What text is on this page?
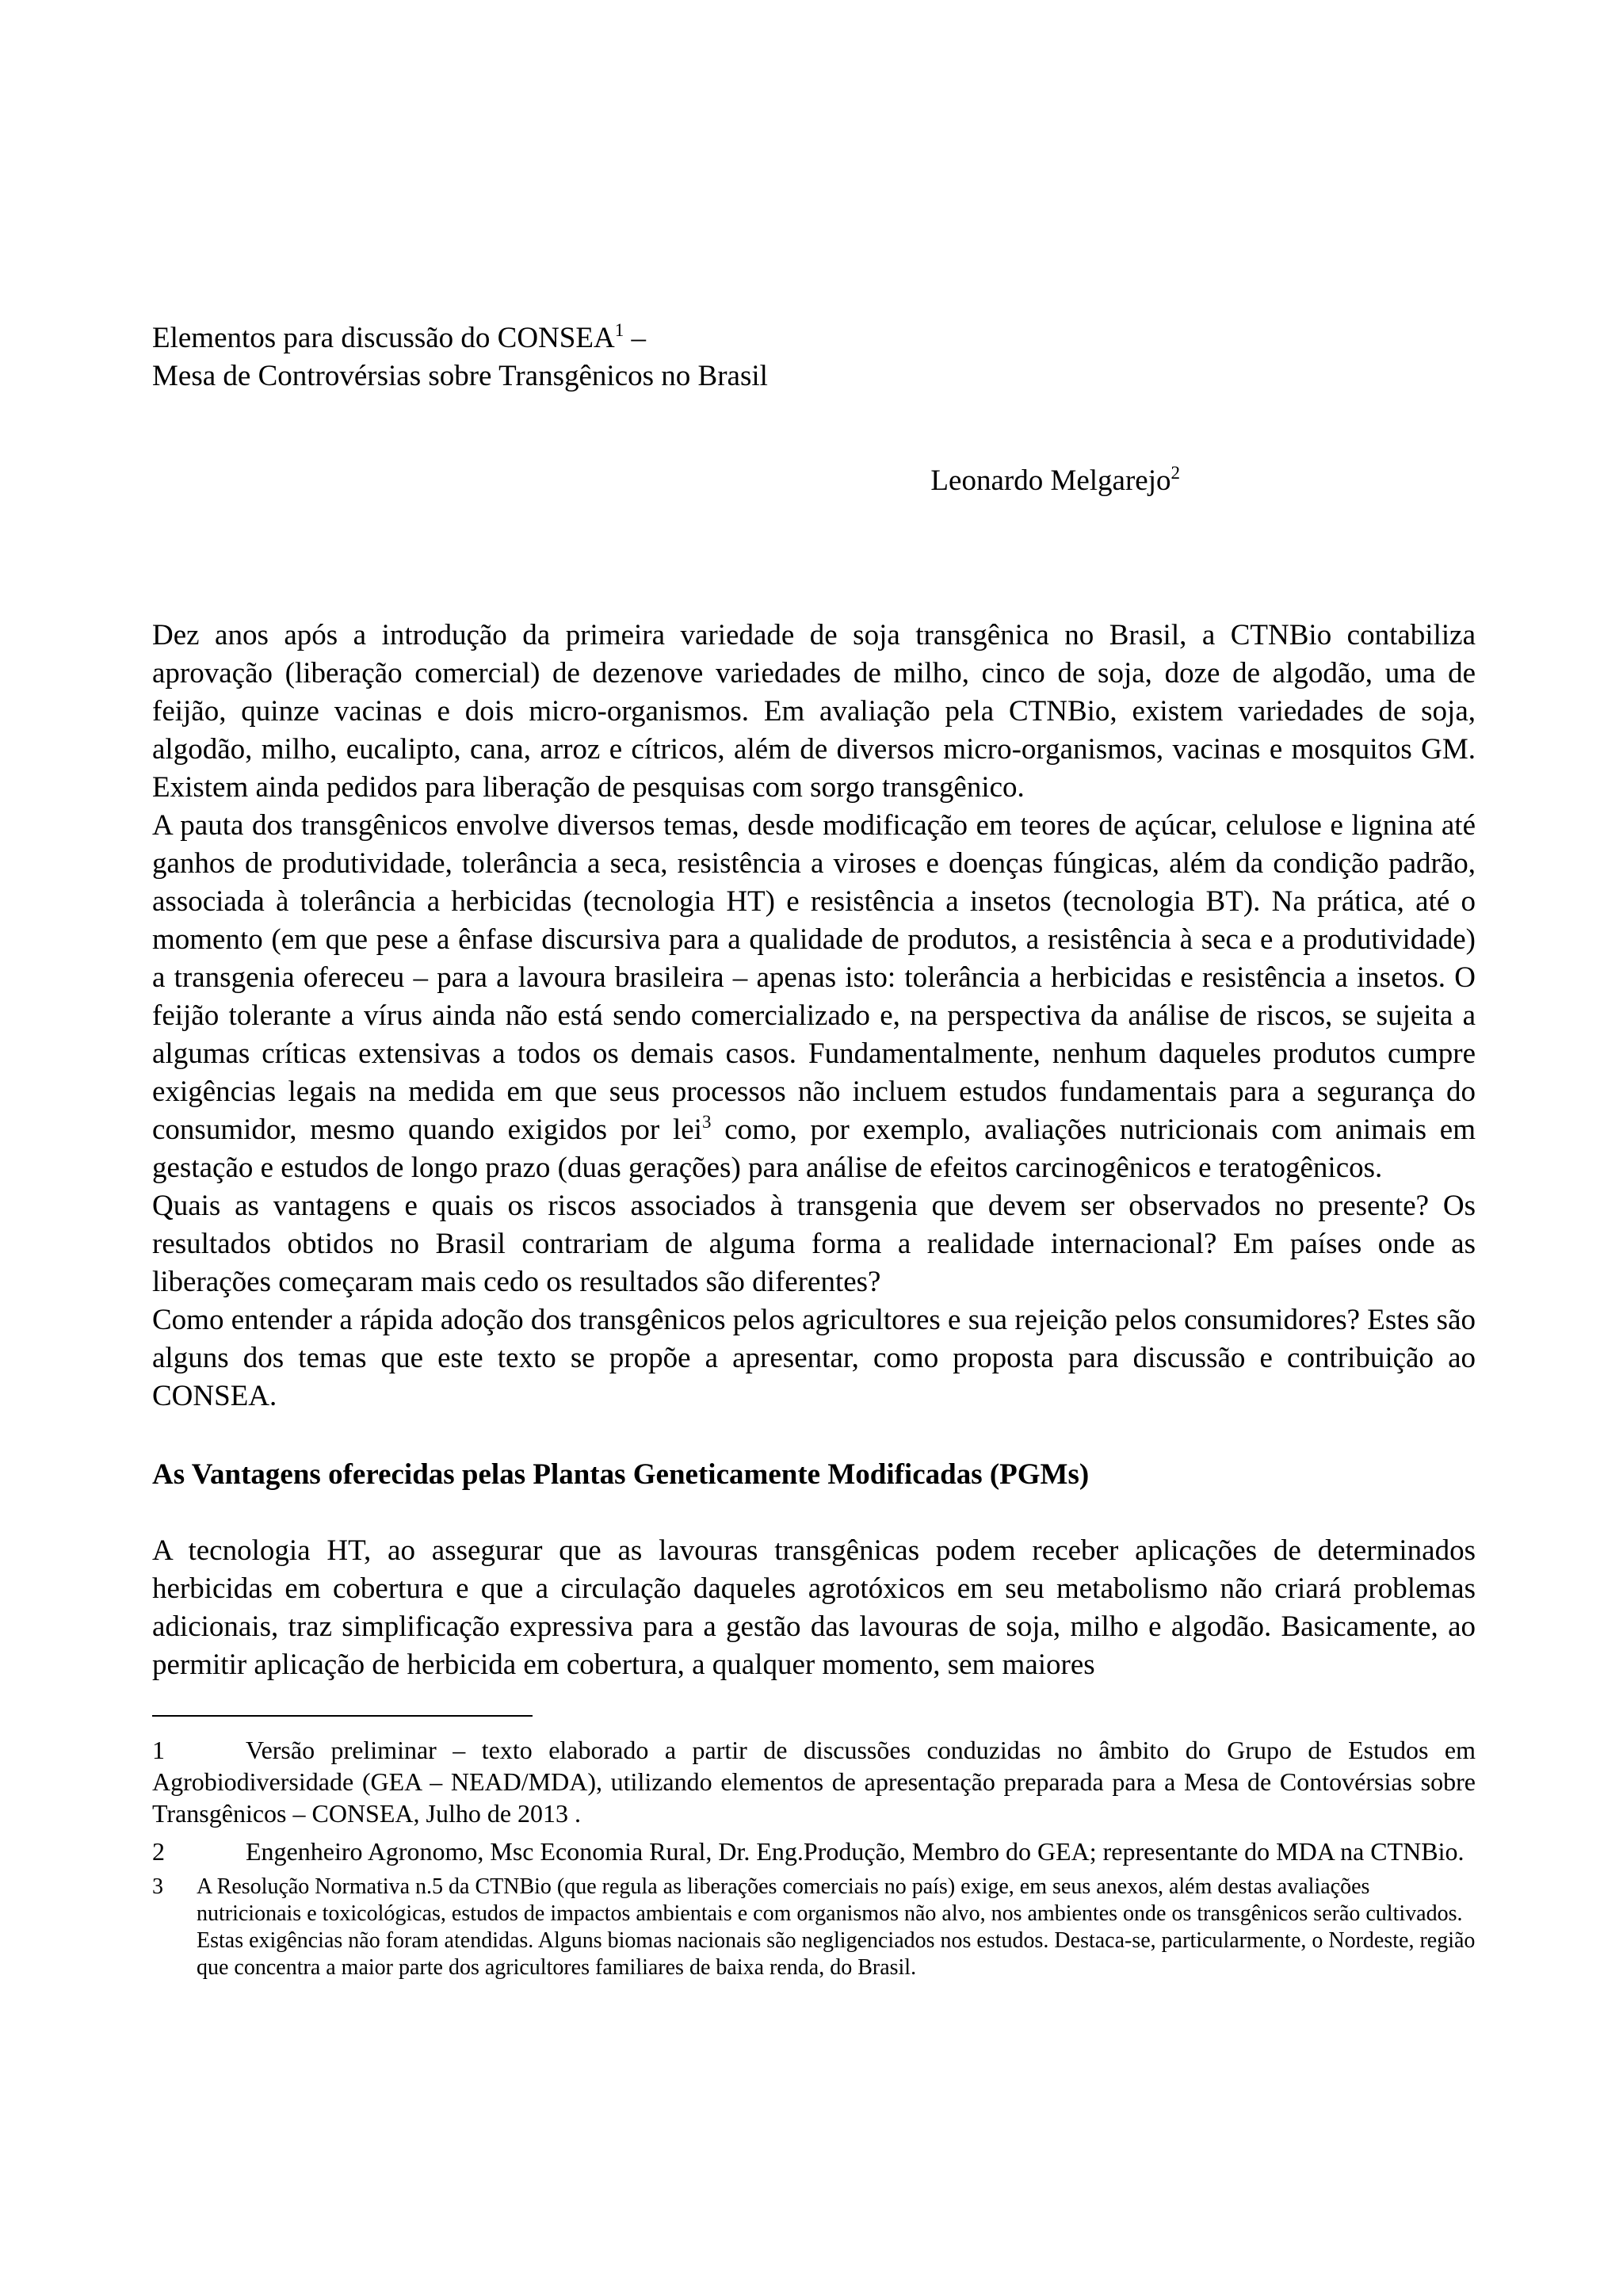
Elementos para discussão do CONSEA$^1$ –
Mesa de Controvérsias sobre Transgênicos no Brasil
Leonardo Melgarejo$^2$

Dez anos após a introdução da primeira variedade de soja transgênica no Brasil, a CTNBio contabiliza aprovação (liberação comercial) de dezenove variedades de milho, cinco de soja, doze de algodão, uma de feijão, quinze vacinas e dois micro-organismos. Em avaliação pela CTNBio, existem variedades de soja, algodão, milho, eucalipto, cana, arroz e cítricos, além de diversos micro-organismos, vacinas e mosquitos GM. Existem ainda pedidos para liberação de pesquisas com sorgo transgênico.

A pauta dos transgênicos envolve diversos temas, desde modificação em teores de açúcar, celulose e lignina até ganhos de produtividade, tolerância a seca, resistência a viroses e doenças fúngicas, além da condição padrão, associada à tolerância a herbicidas (tecnologia HT) e resistência a insetos (tecnologia BT). Na prática, até o momento (em que pese a ênfase discursiva para a qualidade de produtos, a resistência à seca e a produtividade) a transgenia ofereceu – para a lavoura brasileira – apenas isto: tolerância a herbicidas e resistência a insetos. O feijão tolerante a vírus ainda não está sendo comercializado e, na perspectiva da análise de riscos, se sujeita a algumas críticas extensivas a todos os demais casos. Fundamentalmente, nenhum daqueles produtos cumpre exigências legais na medida em que seus processos não incluem estudos fundamentais para a segurança do consumidor, mesmo quando exigidos por lei$^3$ como, por exemplo, avaliações nutricionais com animais em gestação e estudos de longo prazo (duas gerações) para análise de efeitos carcinogênicos e teratogênicos.

Quais as vantagens e quais os riscos associados à transgenia que devem ser observados no presente? Os resultados obtidos no Brasil contrariam de alguma forma a realidade internacional? Em países onde as liberações começaram mais cedo os resultados são diferentes?

Como entender a rápida adoção dos transgênicos pelos agricultores e sua rejeição pelos consumidores? Estes são alguns dos temas que este texto se propõe a apresentar, como proposta para discussão e contribuição ao CONSEA.

As Vantagens oferecidas pelas Plantas Geneticamente Modificadas (PGMs)

A tecnologia HT, ao assegurar que as lavouras transgênicas podem receber aplicações de determinados herbicidas em cobertura e que a circulação daqueles agrotóxicos em seu metabolismo não criará problemas adicionais, traz simplificação expressiva para a gestão das lavouras de soja, milho e algodão. Basicamente, ao permitir aplicação de herbicida em cobertura, a qualquer momento, sem maiores

1	Versão preliminar – texto elaborado a partir de discussões conduzidas no âmbito do Grupo de Estudos em Agrobiodiversidade (GEA – NEAD/MDA), utilizando elementos de apresentação preparada para a Mesa de Contovérsias sobre Transgênicos – CONSEA, Julho de 2013 .
2	Engenheiro Agronomo, Msc Economia Rural, Dr. Eng.Produção, Membro do GEA; representante do MDA na CTNBio.
3	A Resolução Normativa n.5 da CTNBio (que regula as liberações comerciais no país) exige, em seus anexos, além destas avaliações nutricionais e toxicológicas, estudos de impactos ambientais e com organismos não alvo, nos ambientes onde os transgênicos serão cultivados. Estas exigências não foram atendidas. Alguns biomas nacionais são negligenciados nos estudos. Destaca-se, particularmente, o Nordeste, região que concentra a maior parte dos agricultores familiares de baixa renda, do Brasil.
